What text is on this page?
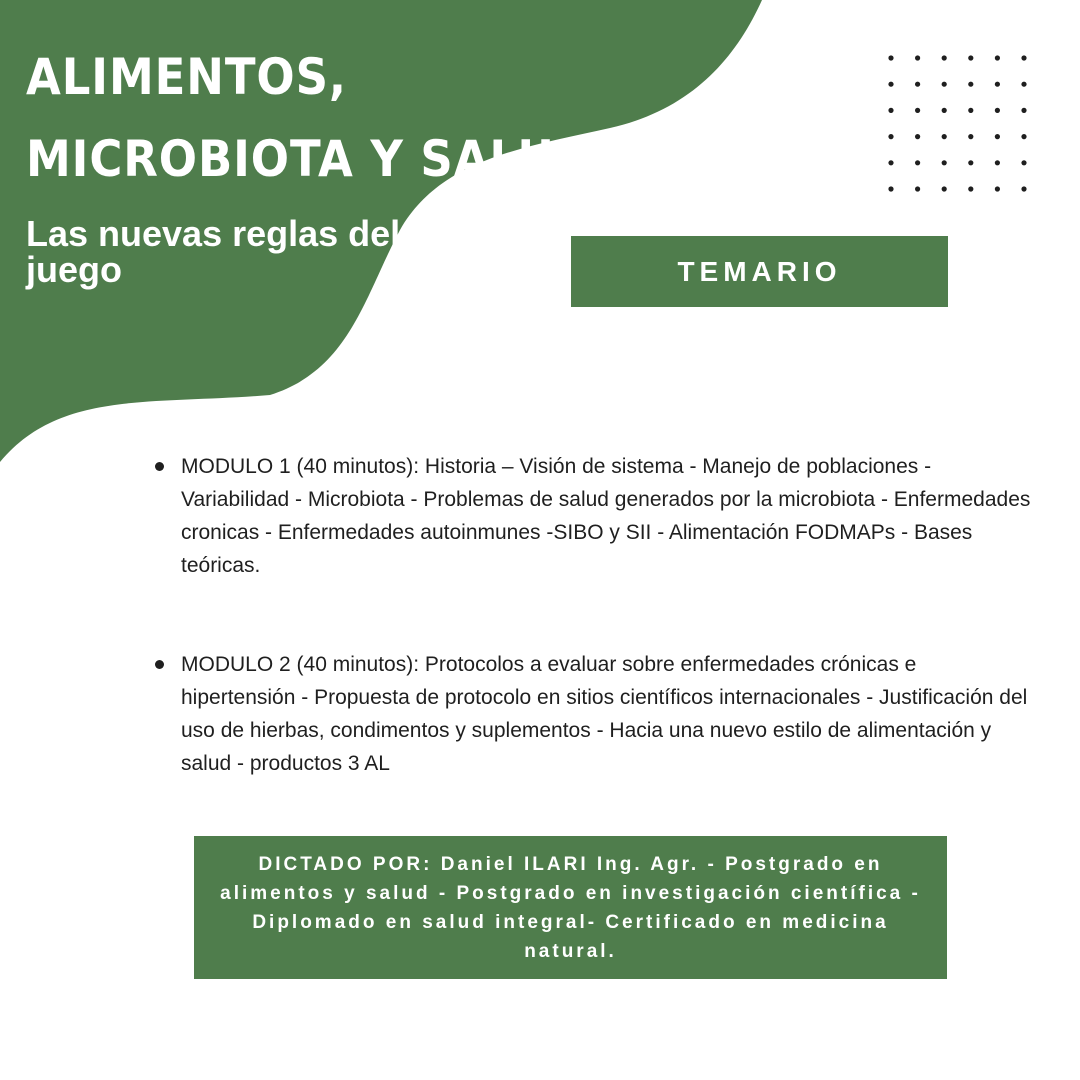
ALIMENTOS, MICROBIOTA Y SALUD
Las nuevas reglas del juego	TEMARIO
MODULO 1 (40 minutos): Historia – Visión de sistema - Manejo de poblaciones - Variabilidad - Microbiota - Problemas de salud generados por la microbiota - Enfermedades cronicas - Enfermedades autoinmunes -SIBO y SII - Alimentación FODMAPs - Bases teóricas.
MODULO 2 (40 minutos): Protocolos a evaluar sobre enfermedades crónicas e hipertensión - Propuesta de protocolo en sitios científicos internacionales - Justificación del uso de hierbas, condimentos y suplementos - Hacia una nuevo estilo de alimentación y salud - productos 3 AL
DICTADO POR: Daniel ILARI Ing. Agr. - Postgrado en alimentos y salud - Postgrado en investigación científica - Diplomado en salud integral- Certificado en medicina natural.
